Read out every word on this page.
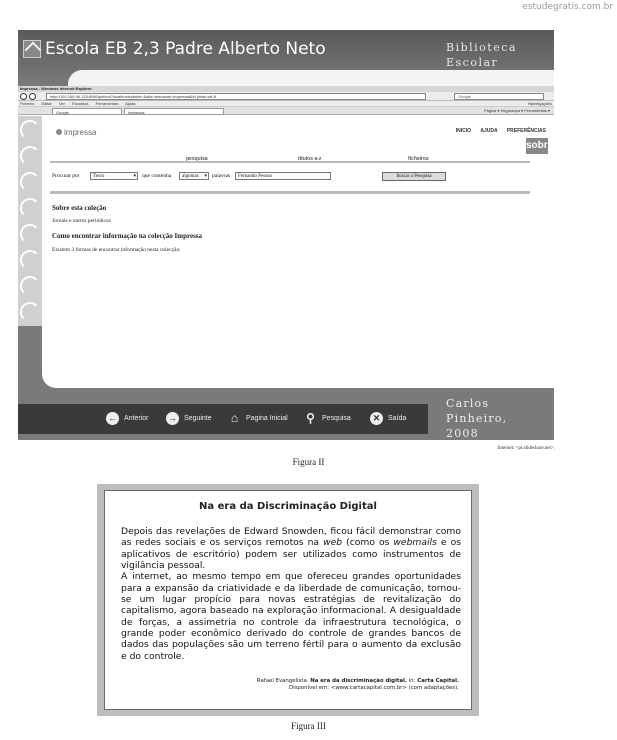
estudegratis.com.br
Escola EB 2,3 Padre Alberto Neto	Biblioteca Escolar
Impressa - Windows Internet Explorer
http://192.168.96.133:8080/pdfxml?localhostsubsite=&site=aleoacao=imprensa&id-pitas=utf-8	Google
Ficheiro Editar Ver Favoritos Ferramentas Ajuda	Hiperligações
Google	Impressa	Página ▾ Segurança ▾ Ferramentas ▾
impressa	INICIO AJUDA PREFERÊNCIAS
sobre
pesquisa	títulos a-z	ficheiros
Procurar por	Texto ▾	que contenha	algumas ▾	palavras	Fernando Pessoa	Iniciar a Pesquisa
Sobre esta coleção
Jornais e outros periódicos
Como encontrar informação na colecção Impressa
Existem 3 formas de encontrar informação nesta colecção:
Carlos Pinheiro,
2008
← Anterior → Seguinte ⌂	Pagina Inicial ⚲	Pesquisa	✕	Saída
Internet: <pt.slideshare.net>.
Figura II
Na era da Discriminação Digital

Depois das revelações de Edward Snowden, ficou fácil demonstrar como as redes sociais e os serviços remotos na web (como os webmails e os aplicativos de escritório) podem ser utilizados como instrumentos de vigilância pessoal.

A internet, ao mesmo tempo em que ofereceu grandes oportunidades para a expansão da criatividade e da liberdade de comunicação, tornou-se um lugar propício para novas estratégias de revitalização do capitalismo, agora baseado na exploração informacional. A desigualdade de forças, a assimetria no controle da infraestrutura tecnológica, o grande poder econômico derivado do controle de grandes bancos de dados das populações são um terreno fértil para o aumento da exclusão e do controle.

Rafael Evangelista. Na era da discriminação digital. In: Carta Capital.
Disponível em: <www.cartacapital.com.br> (com adaptações).
Figura III
